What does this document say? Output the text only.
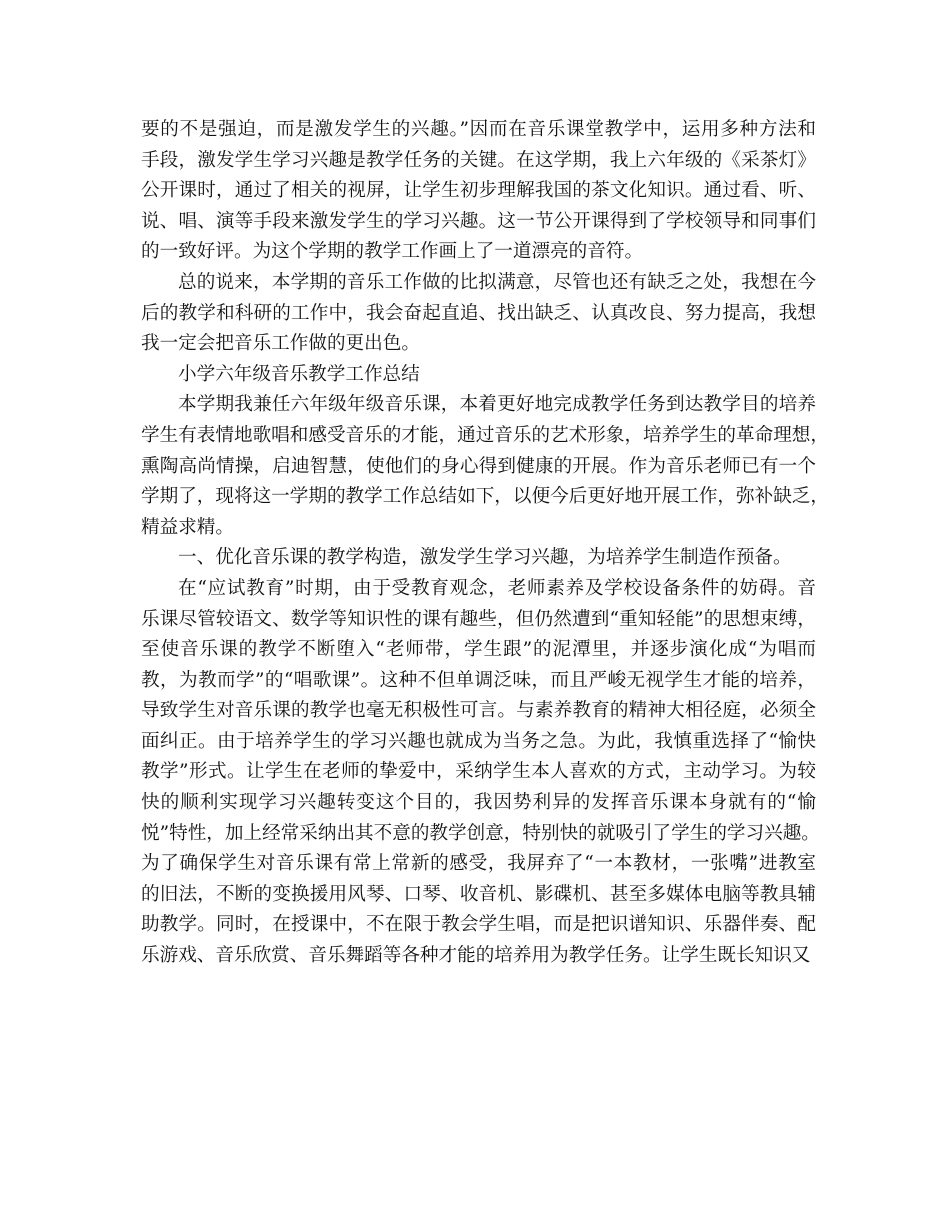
要的不是强迫，而是激发学生的兴趣。”因而在音乐课堂教学中，运用多种方法和
手段，激发学生学习兴趣是教学任务的关键。在这学期，我上六年级的《采茶灯》
公开课时，通过了相关的视屏，让学生初步理解我国的茶文化知识。通过看、听、
说、唱、演等手段来激发学生的学习兴趣。这一节公开课得到了学校领导和同事们
的一致好评。为这个学期的教学工作画上了一道漂亮的音符。
总的说来，本学期的音乐工作做的比拟满意，尽管也还有缺乏之处，我想在今
后的教学和科研的工作中，我会奋起直追、找出缺乏、认真改良、努力提高，我想
我一定会把音乐工作做的更出色。
小学六年级音乐教学工作总结
本学期我兼任六年级年级音乐课，本着更好地完成教学任务到达教学目的培养
学生有表情地歌唱和感受音乐的才能，通过音乐的艺术形象，培养学生的革命理想，
熏陶高尚情操，启迪智慧，使他们的身心得到健康的开展。作为音乐老师已有一个
学期了，现将这一学期的教学工作总结如下，以便今后更好地开展工作，弥补缺乏，
精益求精。
一、优化音乐课的教学构造，激发学生学习兴趣，为培养学生制造作预备。
在“应试教育”时期，由于受教育观念，老师素养及学校设备条件的妨碍。音
乐课尽管较语文、数学等知识性的课有趣些，但仍然遭到“重知轻能”的思想束缚，
至使音乐课的教学不断堕入“老师带，学生跟”的泥潭里，并逐步演化成“为唱而
教，为教而学”的“唱歌课”。这种不但单调泛味，而且严峻无视学生才能的培养，
导致学生对音乐课的教学也毫无积极性可言。与素养教育的精神大相径庭，必须全
面纠正。由于培养学生的学习兴趣也就成为当务之急。为此，我慎重选择了“愉快
教学”形式。让学生在老师的挚爱中，采纳学生本人喜欢的方式，主动学习。为较
快的顺利实现学习兴趣转变这个目的，我因势利异的发挥音乐课本身就有的“愉
悦”特性，加上经常采纳出其不意的教学创意，特别快的就吸引了学生的学习兴趣。
为了确保学生对音乐课有常上常新的感受，我屏弃了“一本教材，一张嘴”进教室
的旧法，不断的变换援用风琴、口琴、收音机、影碟机、甚至多媒体电脑等教具辅
助教学。同时，在授课中，不在限于教会学生唱，而是把识谱知识、乐器伴奏、配
乐游戏、音乐欣赏、音乐舞蹈等各种才能的培养用为教学任务。让学生既长知识又
